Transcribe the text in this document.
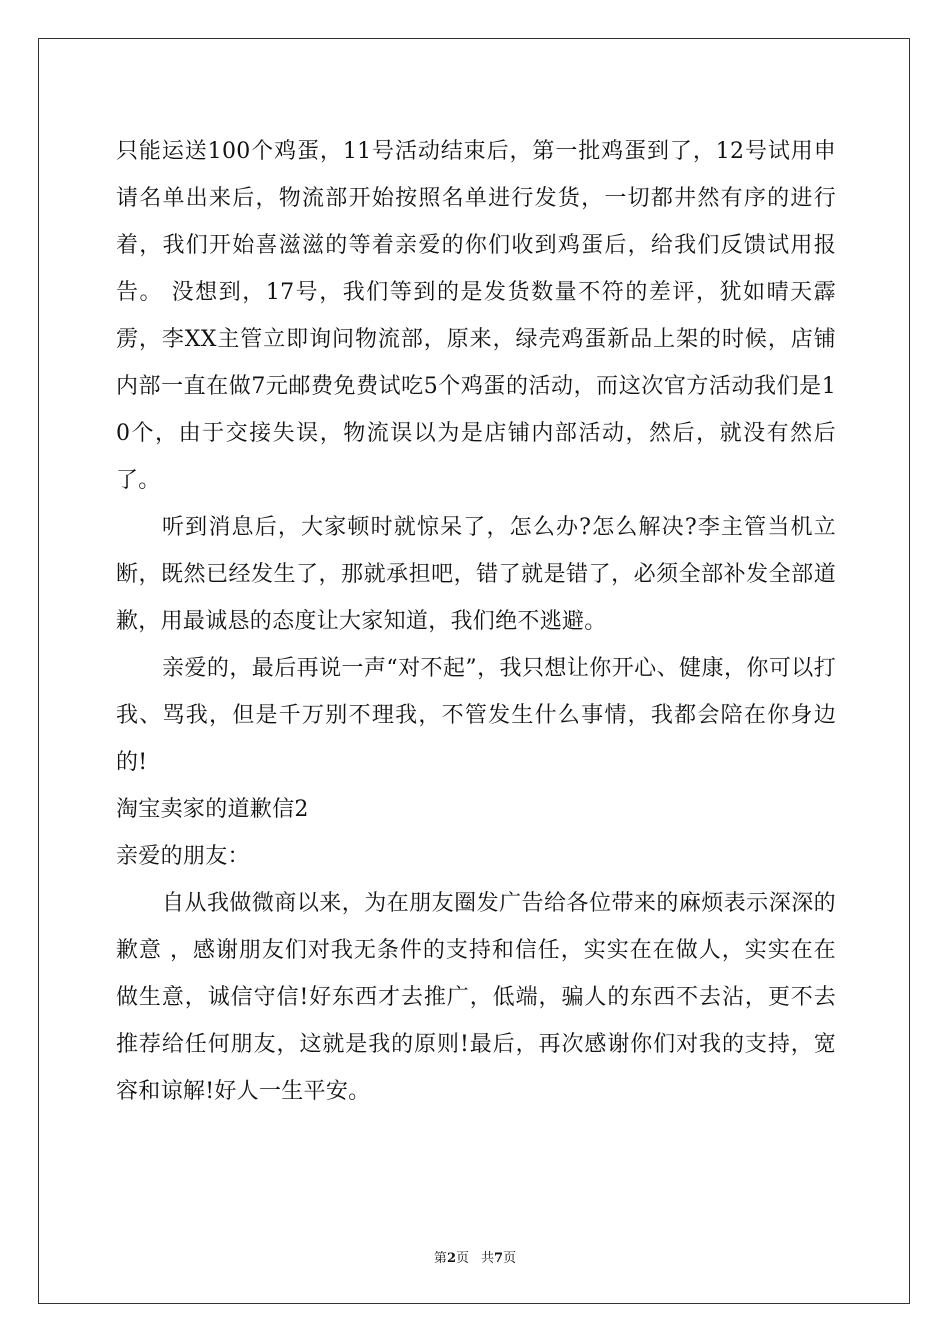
只能运送100个鸡蛋，11号活动结束后，第一批鸡蛋到了，12号试用申请名单出来后，物流部开始按照名单进行发货，一切都井然有序的进行着，我们开始喜滋滋的等着亲爱的你们收到鸡蛋后，给我们反馈试用报告。 没想到，17号，我们等到的是发货数量不符的差评，犹如晴天霹雳，李XX主管立即询问物流部，原来，绿壳鸡蛋新品上架的时候，店铺内部一直在做7元邮费免费试吃5个鸡蛋的活动，而这次官方活动我们是10个，由于交接失误，物流误以为是店铺内部活动，然后，就没有然后了。

听到消息后，大家顿时就惊呆了，怎么办?怎么解决?李主管当机立断，既然已经发生了，那就承担吧，错了就是错了，必须全部补发全部道歉，用最诚恳的态度让大家知道，我们绝不逃避。

亲爱的，最后再说一声“对不起”，我只想让你开心、健康，你可以打我、骂我，但是千万别不理我，不管发生什么事情，我都会陪在你身边的!

淘宝卖家的道歉信2

亲爱的朋友：

自从我做微商以来，为在朋友圈发广告给各位带来的麻烦表示深深的歉意 ，感谢朋友们对我无条件的支持和信任，实实在在做人，实实在在做生意，诚信守信!好东西才去推广，低端，骗人的东西不去沾，更不去推荐给任何朋友，这就是我的原则!最后，再次感谢你们对我的支持，宽容和谅解!好人一生平安。

第2页 共7页
